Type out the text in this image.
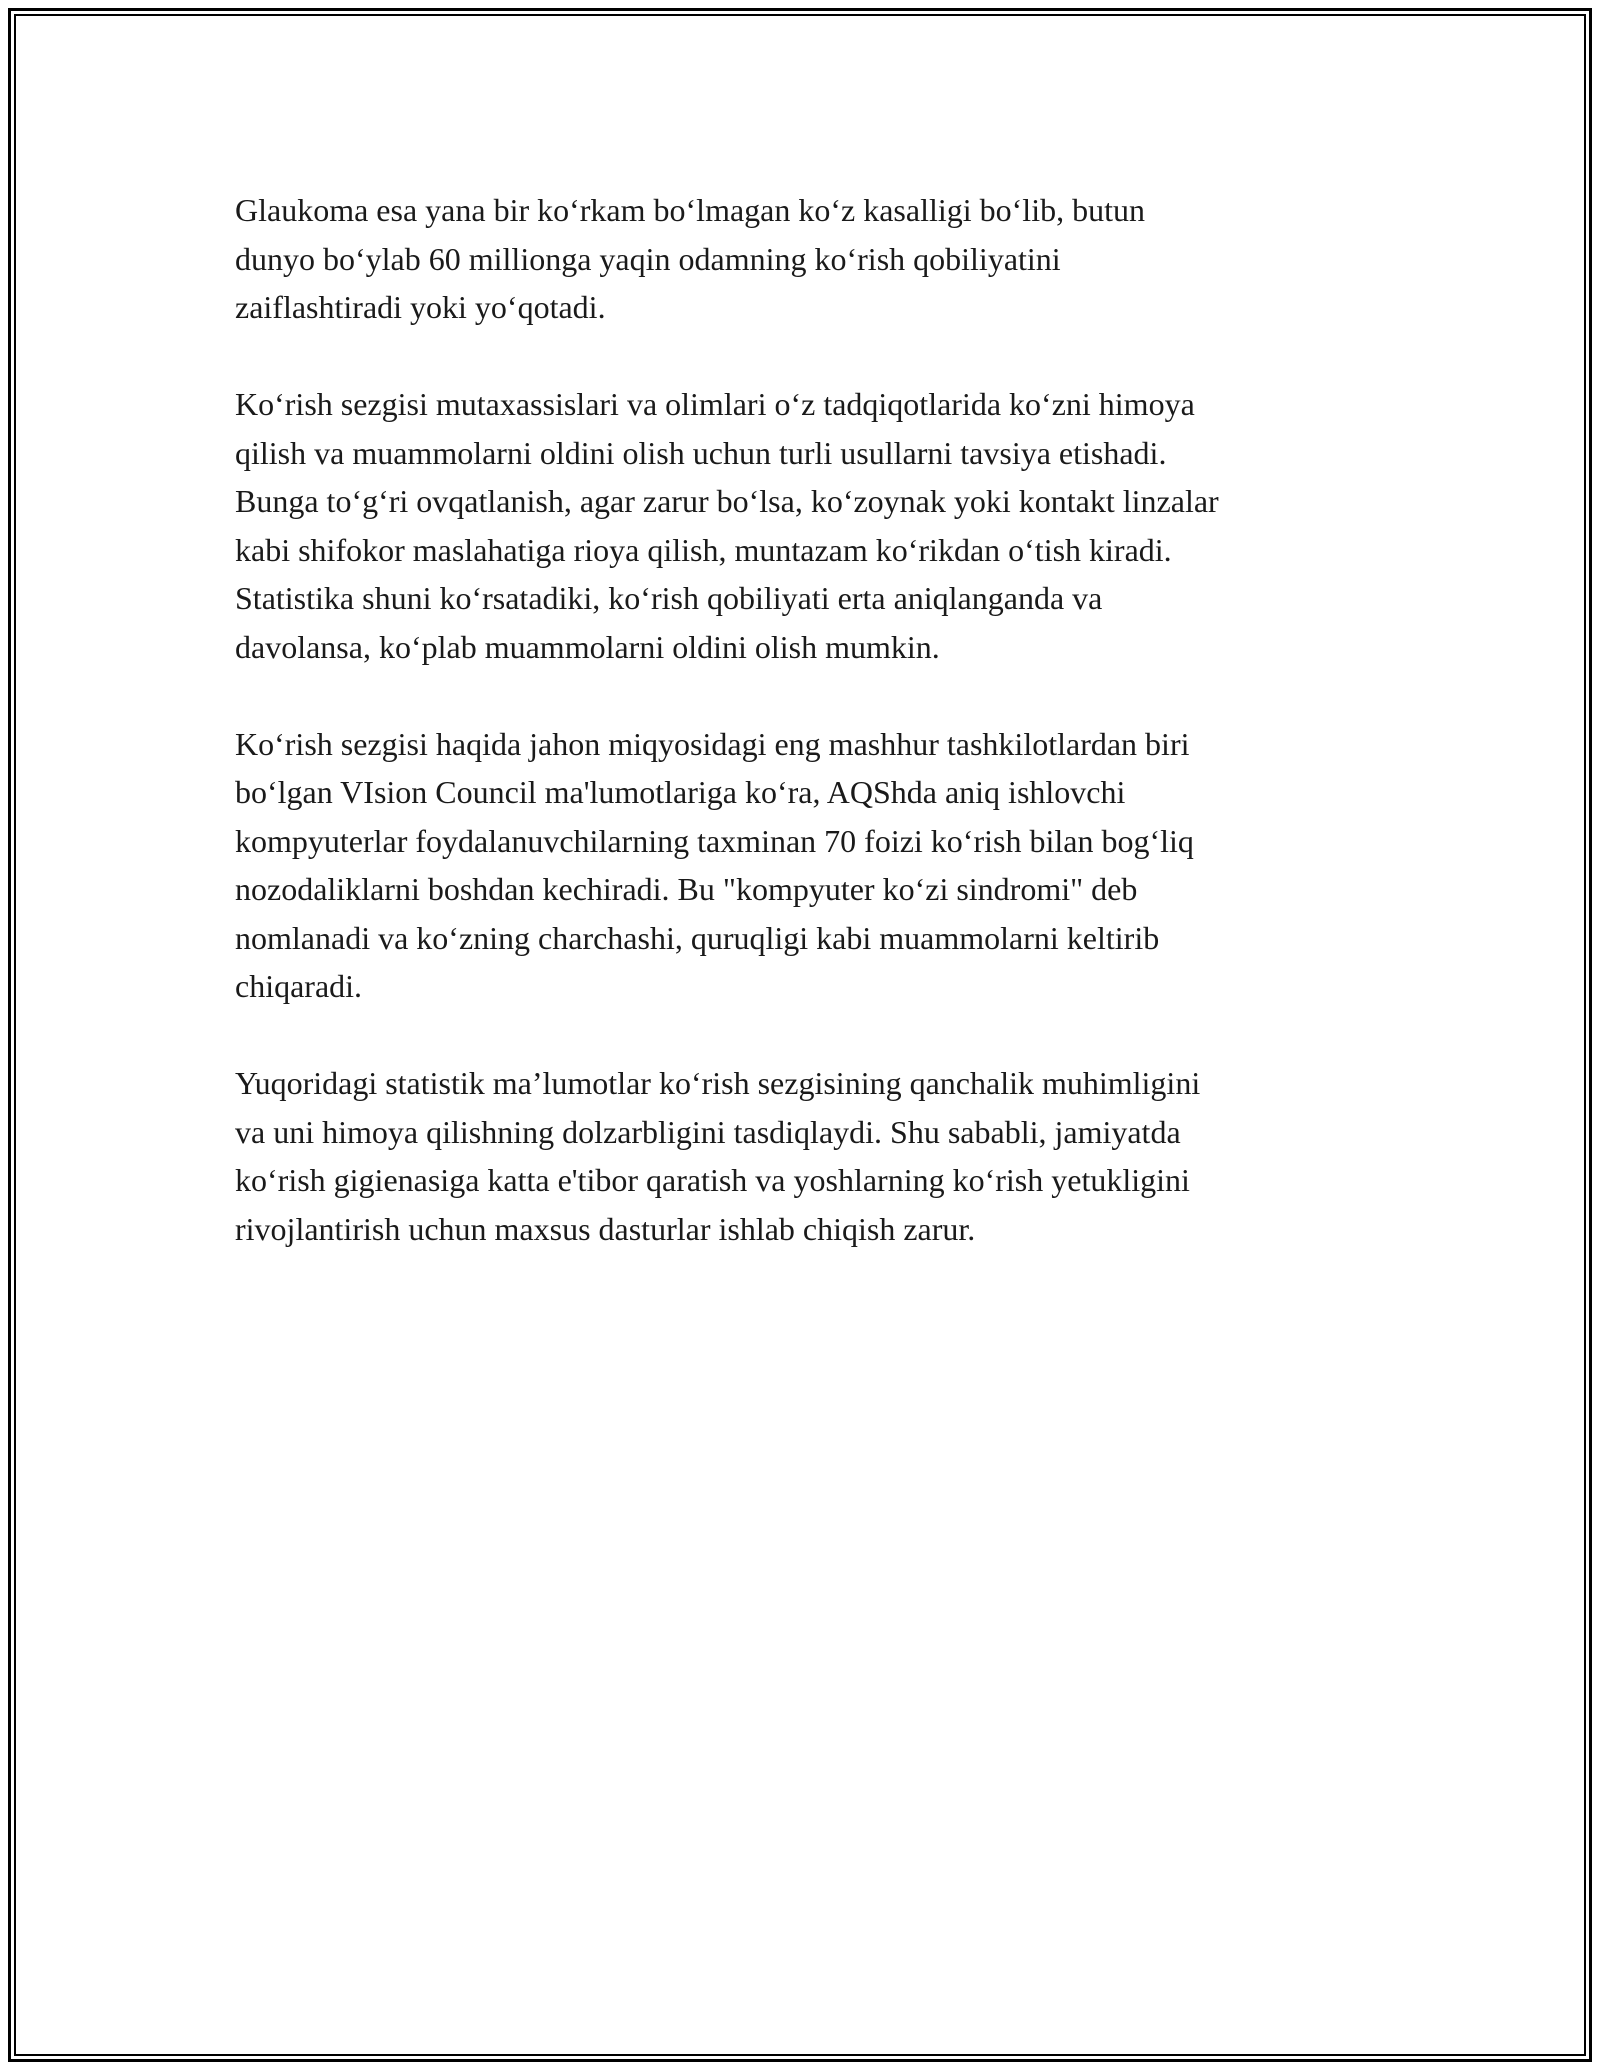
Glaukoma esa yana bir ko‘rkam bo‘lmagan ko‘z kasalligi bo‘lib, butun
dunyo bo‘ylab 60 millionga yaqin odamning ko‘rish qobiliyatini
zaiflashtiradi yoki yo‘qotadi.

Ko‘rish sezgisi mutaxassislari va olimlari o‘z tadqiqotlarida ko‘zni himoya
qilish va muammolarni oldini olish uchun turli usullarni tavsiya etishadi.
Bunga to‘g‘ri ovqatlanish, agar zarur bo‘lsa, ko‘zoynak yoki kontakt linzalar
kabi shifokor maslahatiga rioya qilish, muntazam ko‘rikdan o‘tish kiradi.
Statistika shuni ko‘rsatadiki, ko‘rish qobiliyati erta aniqlanganda va
davolansa, ko‘plab muammolarni oldini olish mumkin.

Ko‘rish sezgisi haqida jahon miqyosidagi eng mashhur tashkilotlardan biri
bo‘lgan VIsion Council ma'lumotlariga ko‘ra, AQShda aniq ishlovchi
kompyuterlar foydalanuvchilarning taxminan 70 foizi ko‘rish bilan bog‘liq
nozodaliklarni boshdan kechiradi. Bu "kompyuter ko‘zi sindromi" deb
nomlanadi va ko‘zning charchashi, quruqligi kabi muammolarni keltirib
chiqaradi.

Yuqoridagi statistik ma’lumotlar ko‘rish sezgisining qanchalik muhimligini
va uni himoya qilishning dolzarbligini tasdiqlaydi. Shu sababli, jamiyatda
ko‘rish gigienasiga katta e'tibor qaratish va yoshlarning ko‘rish yetukligini
rivojlantirish uchun maxsus dasturlar ishlab chiqish zarur.
